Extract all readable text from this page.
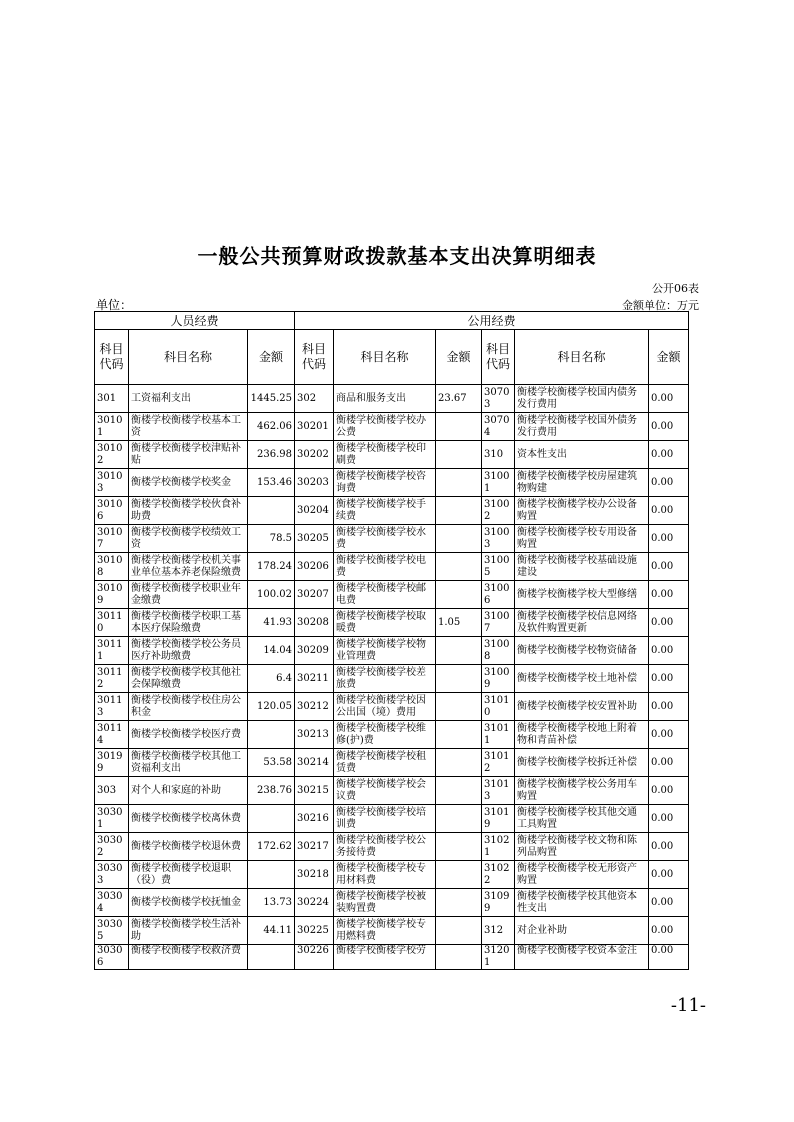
一般公共预算财政拨款基本支出决算明细表
公开06表
单位：	金额单位：万元
人员经费			公用经费					
科目代码	科目名称	金额	科目代码	科目名称	金额	科目代码	科目名称	金额
301	工资福利支出	1445.25	302	商品和服务支出	23.67	30703	衡楼学校衡楼学校国内债务发行费用	0.00
30101	衡楼学校衡楼学校基本工资	462.06	30201	衡楼学校衡楼学校办公费		30704	衡楼学校衡楼学校国外债务发行费用	0.00
30102	衡楼学校衡楼学校津贴补贴	236.98	30202	衡楼学校衡楼学校印刷费		310	资本性支出	0.00
30103	衡楼学校衡楼学校奖金	153.46	30203	衡楼学校衡楼学校咨询费		31001	衡楼学校衡楼学校房屋建筑物购建	0.00
30106	衡楼学校衡楼学校伙食补助费		30204	衡楼学校衡楼学校手续费		31002	衡楼学校衡楼学校办公设备购置	0.00
30107	衡楼学校衡楼学校绩效工资	78.5	30205	衡楼学校衡楼学校水费		31003	衡楼学校衡楼学校专用设备购置	0.00
30108	衡楼学校衡楼学校机关事业单位基本养老保险缴费	178.24	30206	衡楼学校衡楼学校电费		31005	衡楼学校衡楼学校基础设施建设	0.00
30109	衡楼学校衡楼学校职业年金缴费	100.02	30207	衡楼学校衡楼学校邮电费		31006	衡楼学校衡楼学校大型修缮	0.00
30110	衡楼学校衡楼学校职工基本医疗保险缴费	41.93	30208	衡楼学校衡楼学校取暖费	1.05	31007	衡楼学校衡楼学校信息网络及软件购置更新	0.00
30111	衡楼学校衡楼学校公务员医疗补助缴费	14.04	30209	衡楼学校衡楼学校物业管理费		31008	衡楼学校衡楼学校物资储备	0.00
30112	衡楼学校衡楼学校其他社会保障缴费	6.4	30211	衡楼学校衡楼学校差旅费		31009	衡楼学校衡楼学校土地补偿	0.00
30113	衡楼学校衡楼学校住房公积金	120.05	30212	衡楼学校衡楼学校因公出国（境）费用		31010	衡楼学校衡楼学校安置补助	0.00
30114	衡楼学校衡楼学校医疗费		30213	衡楼学校衡楼学校维修(护)费		31011	衡楼学校衡楼学校地上附着物和青苗补偿	0.00
30199	衡楼学校衡楼学校其他工资福利支出	53.58	30214	衡楼学校衡楼学校租赁费		31012	衡楼学校衡楼学校拆迁补偿	0.00
303	对个人和家庭的补助	238.76	30215	衡楼学校衡楼学校会议费		31013	衡楼学校衡楼学校公务用车购置	0.00
30301	衡楼学校衡楼学校离休费		30216	衡楼学校衡楼学校培训费		31019	衡楼学校衡楼学校其他交通工具购置	0.00
30302	衡楼学校衡楼学校退休费	172.62	30217	衡楼学校衡楼学校公务接待费		31021	衡楼学校衡楼学校文物和陈列品购置	0.00
30303	衡楼学校衡楼学校退职（役）费		30218	衡楼学校衡楼学校专用材料费		31022	衡楼学校衡楼学校无形资产购置	0.00
30304	衡楼学校衡楼学校抚恤金	13.73	30224	衡楼学校衡楼学校被装购置费		31099	衡楼学校衡楼学校其他资本性支出	0.00
30305	衡楼学校衡楼学校生活补助	44.11	30225	衡楼学校衡楼学校专用燃料费		312	对企业补助	0.00
30306	衡楼学校衡楼学校救济费		30226	衡楼学校衡楼学校劳		31201	衡楼学校衡楼学校资本金注	0.00
-11-
